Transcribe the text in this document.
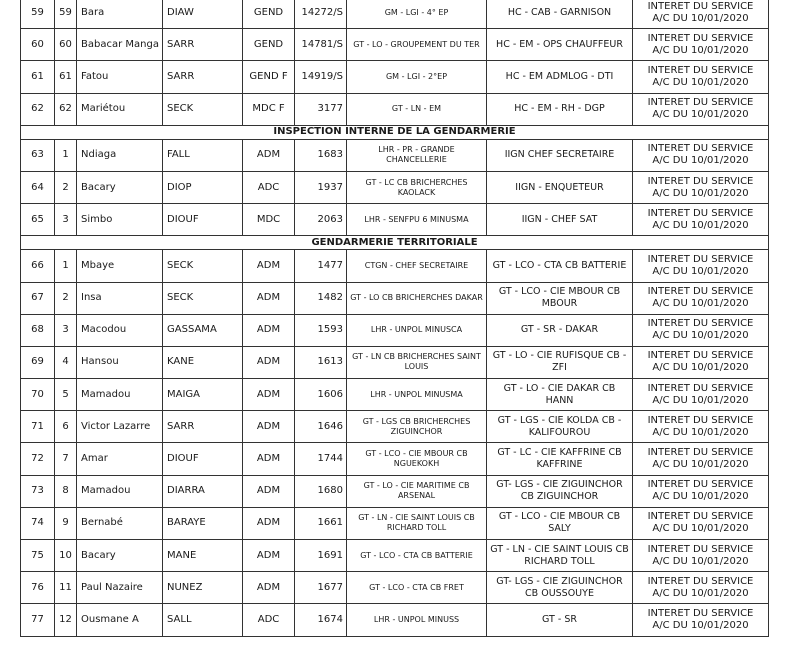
59	59	Bara	DIAW	GEND	14272/S	GM - LGI - 4° EP	HC - CAB - GARNISON	INTERET DU SERVICE
A/C DU 10/01/2020

60	60	Babacar Manga	SARR	GEND	14781/S	GT - LO - GROUPEMENT DU TER	HC - EM - OPS CHAUFFEUR	INTERET DU SERVICE
A/C DU 10/01/2020

61	61	Fatou	SARR	GEND F	14919/S	GM - LGI - 2°EP	HC - EM ADMLOG - DTI	INTERET DU SERVICE
A/C DU 10/01/2020

62	62	Mariétou	SECK	MDC F	3177	GT - LN - EM	HC - EM - RH - DGP	INTERET DU SERVICE
A/C DU 10/01/2020

INSPECTION INTERNE DE LA GENDARMERIE								
63	1	Ndiaga	FALL	ADM	1683	LHR - PR - GRANDE CHANCELLERIE	IIGN CHEF SECRETAIRE	INTERET DU SERVICE
A/C DU 10/01/2020

64	2	Bacary	DIOP	ADC	1937	GT - LC CB BRICHERCHES KAOLACK	IIGN - ENQUETEUR	INTERET DU SERVICE
A/C DU 10/01/2020

65	3	Simbo	DIOUF	MDC	2063	LHR - SENFPU 6 MINUSMA	IIGN - CHEF SAT	INTERET DU SERVICE
A/C DU 10/01/2020

GENDARMERIE TERRITORIALE								
66	1	Mbaye	SECK	ADM	1477	CTGN - CHEF SECRETAIRE	GT - LCO - CTA CB BATTERIE	INTERET DU SERVICE
A/C DU 10/01/2020

67	2	Insa	SECK	ADM	1482	GT - LO CB BRICHERCHES DAKAR	GT - LCO - CIE MBOUR CB MBOUR	INTERET DU SERVICE
A/C DU 10/01/2020

68	3	Macodou	GASSAMA	ADM	1593	LHR - UNPOL MINUSCA	GT - SR - DAKAR	INTERET DU SERVICE
A/C DU 10/01/2020

69	4	Hansou	KANE	ADM	1613	GT - LN CB BRICHERCHES SAINT LOUIS	GT - LO - CIE RUFISQUE CB - ZFI	INTERET DU SERVICE
A/C DU 10/01/2020

70	5	Mamadou	MAIGA	ADM	1606	LHR - UNPOL MINUSMA	GT - LO - CIE DAKAR CB HANN	INTERET DU SERVICE
A/C DU 10/01/2020

71	6	Victor Lazarre	SARR	ADM	1646	GT - LGS CB BRICHERCHES ZIGUINCHOR	GT - LGS - CIE KOLDA CB - KALIFOUROU	INTERET DU SERVICE
A/C DU 10/01/2020

72	7	Amar	DIOUF	ADM	1744	GT - LCO - CIE MBOUR CB NGUEKOKH	GT - LC - CIE KAFFRINE CB KAFFRINE	INTERET DU SERVICE
A/C DU 10/01/2020

73	8	Mamadou	DIARRA	ADM	1680	GT - LO - CIE MARITIME CB ARSENAL	GT- LGS - CIE ZIGUINCHOR CB ZIGUINCHOR	INTERET DU SERVICE
A/C DU 10/01/2020

74	9	Bernabé	BARAYE	ADM	1661	GT - LN - CIE SAINT LOUIS CB RICHARD TOLL	GT - LCO - CIE MBOUR CB SALY	INTERET DU SERVICE
A/C DU 10/01/2020

75	10	Bacary	MANE	ADM	1691	GT - LCO - CTA CB BATTERIE	GT - LN - CIE SAINT LOUIS CB RICHARD TOLL	INTERET DU SERVICE
A/C DU 10/01/2020

76	11	Paul Nazaire	NUNEZ	ADM	1677	GT - LCO - CTA CB FRET	GT- LGS - CIE ZIGUINCHOR CB OUSSOUYE	INTERET DU SERVICE
A/C DU 10/01/2020

77	12	Ousmane A	SALL	ADC	1674	LHR - UNPOL MINUSS	GT - SR	INTERET DU SERVICE
A/C DU 10/01/2020
